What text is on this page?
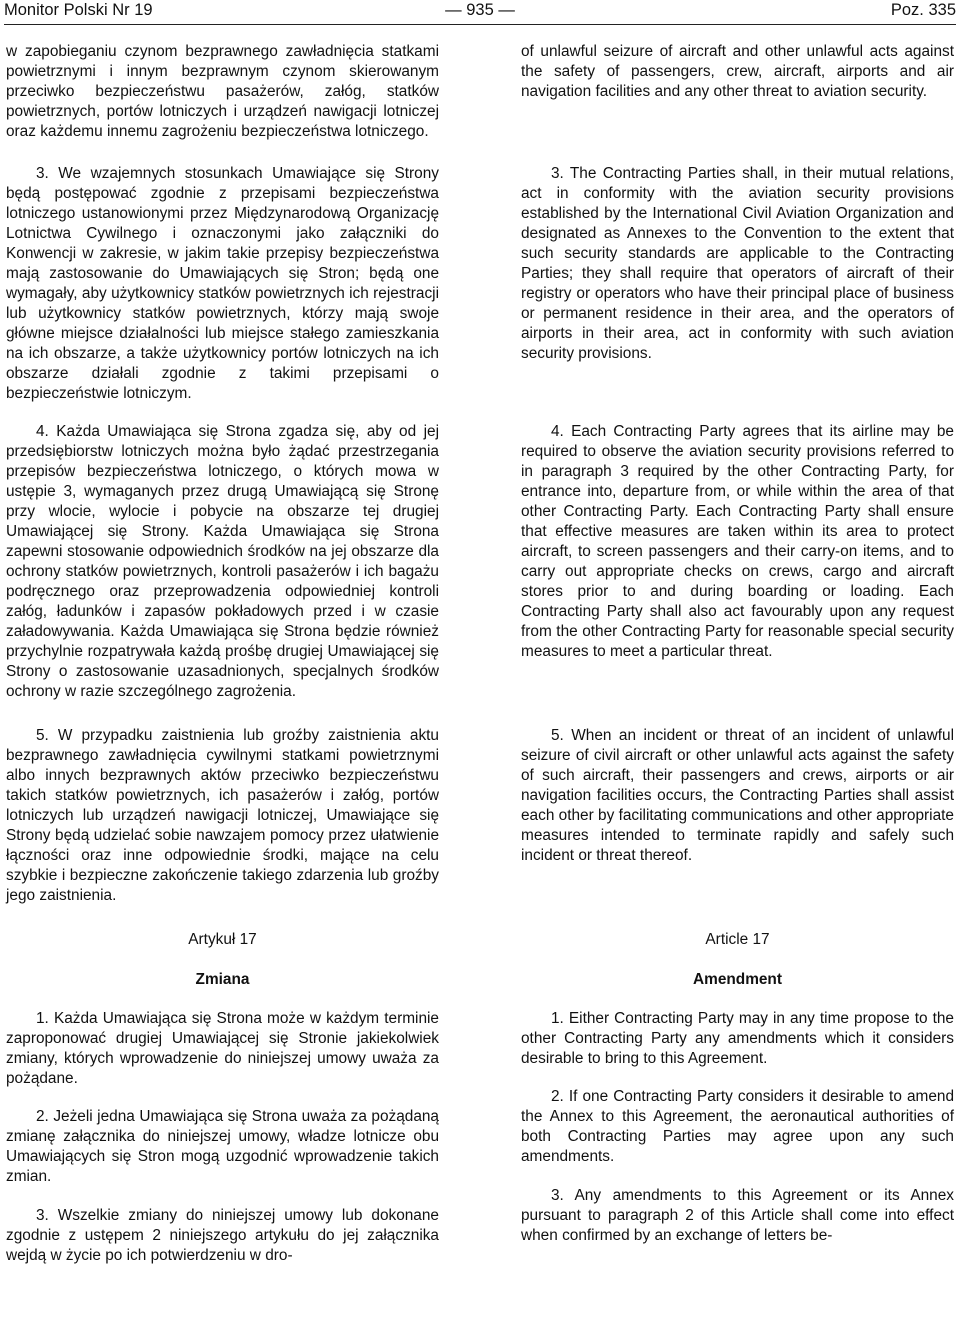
Monitor Polski Nr 19	— 935 —	Poz. 335

w zapobieganiu czynom bezprawnego zawładnięcia statkami powietrznymi i innym bezprawnym czynom skierowanym przeciwko bezpieczeństwu pasażerów, załóg, statków powietrznych, portów lotniczych i urządzeń nawigacji lotniczej oraz każdemu innemu zagrożeniu bezpieczeństwa lotniczego.

3. We wzajemnych stosunkach Umawiające się Strony będą postępować zgodnie z przepisami bezpieczeństwa lotniczego ustanowionymi przez Międzynarodową Organizację Lotnictwa Cywilnego i oznaczonymi jako załączniki do Konwencji w zakresie, w jakim takie przepisy bezpieczeństwa mają zastosowanie do Umawiających się Stron; będą one wymagały, aby użytkownicy statków powietrznych ich rejestracji lub użytkownicy statków powietrznych, którzy mają swoje główne miejsce działalności lub miejsce stałego zamieszkania na ich obszarze, a także użytkownicy portów lotniczych na ich obszarze działali zgodnie z takimi przepisami o bezpieczeństwie lotniczym.

4. Każda Umawiająca się Strona zgadza się, aby od jej przedsiębiorstw lotniczych można było żądać przestrzegania przepisów bezpieczeństwa lotniczego, o których mowa w ustępie 3, wymaganych przez drugą Umawiającą się Stronę przy wlocie, wylocie i pobycie na obszarze tej drugiej Umawiającej się Strony. Każda Umawiająca się Strona zapewni stosowanie odpowiednich środków na jej obszarze dla ochrony statków powietrznych, kontroli pasażerów i ich bagażu podręcznego oraz przeprowadzenia odpowiedniej kontroli załóg, ładunków i zapasów pokładowych przed i w czasie załadowywania. Każda Umawiająca się Strona będzie również przychylnie rozpatrywała każdą prośbę drugiej Umawiającej się Strony o zastosowanie uzasadnionych, specjalnych środków ochrony w razie szczególnego zagrożenia.

5. W przypadku zaistnienia lub groźby zaistnienia aktu bezprawnego zawładnięcia cywilnymi statkami powietrznymi albo innych bezprawnych aktów przeciwko bezpieczeństwu takich statków powietrznych, ich pasażerów i załóg, portów lotniczych lub urządzeń nawigacji lotniczej, Umawiające się Strony będą udzielać sobie nawzajem pomocy przez ułatwienie łączności oraz inne odpowiednie środki, mające na celu szybkie i bezpieczne zakończenie takiego zdarzenia lub groźby jego zaistnienia.

Artykuł 17

Zmiana

1. Każda Umawiająca się Strona może w każdym terminie zaproponować drugiej Umawiającej się Stronie jakiekolwiek zmiany, których wprowadzenie do niniejszej umowy uważa za pożądane.

2. Jeżeli jedna Umawiająca się Strona uważa za pożądaną zmianę załącznika do niniejszej umowy, władze lotnicze obu Umawiających się Stron mogą uzgodnić wprowadzenie takich zmian.

3. Wszelkie zmiany do niniejszej umowy lub dokonane zgodnie z ustępem 2 niniejszego artykułu do jej załącznika wejdą w życie po ich potwierdzeniu w dro-

of unlawful seizure of aircraft and other unlawful acts against the safety of passengers, crew, aircraft, airports and air navigation facilities and any other threat to aviation security.

3. The Contracting Parties shall, in their mutual relations, act in conformity with the aviation security provisions established by the International Civil Aviation Organization and designated as Annexes to the Convention to the extent that such security standards are applicable to the Contracting Parties; they shall require that operators of aircraft of their registry or operators who have their principal place of business or permanent residence in their area, and the operators of airports in their area, act in conformity with such aviation security provisions.

4. Each Contracting Party agrees that its airline may be required to observe the aviation security provisions referred to in paragraph 3 required by the other Contracting Party, for entrance into, departure from, or while within the area of that other Contracting Party. Each Contracting Party shall ensure that effective measures are taken within its area to protect aircraft, to screen passengers and their carry-on items, and to carry out appropriate checks on crews, cargo and aircraft stores prior to and during boarding or loading. Each Contracting Party shall also act favourably upon any request from the other Contracting Party for reasonable special security measures to meet a particular threat.

5. When an incident or threat of an incident of unlawful seizure of civil aircraft or other unlawful acts against the safety of such aircraft, their passengers and crews, airports or air navigation facilities occurs, the Contracting Parties shall assist each other by facilitating communications and other appropriate measures intended to terminate rapidly and safely such incident or threat thereof.

Article 17

Amendment

1. Either Contracting Party may in any time propose to the other Contracting Party any amendments which it considers desirable to bring to this Agreement.

2. If one Contracting Party considers it desirable to amend the Annex to this Agreement, the aeronautical authorities of both Contracting Parties may agree upon any such amendments.

3. Any amendments to this Agreement or its Annex pursuant to paragraph 2 of this Article shall come into effect when confirmed by an exchange of letters be-
